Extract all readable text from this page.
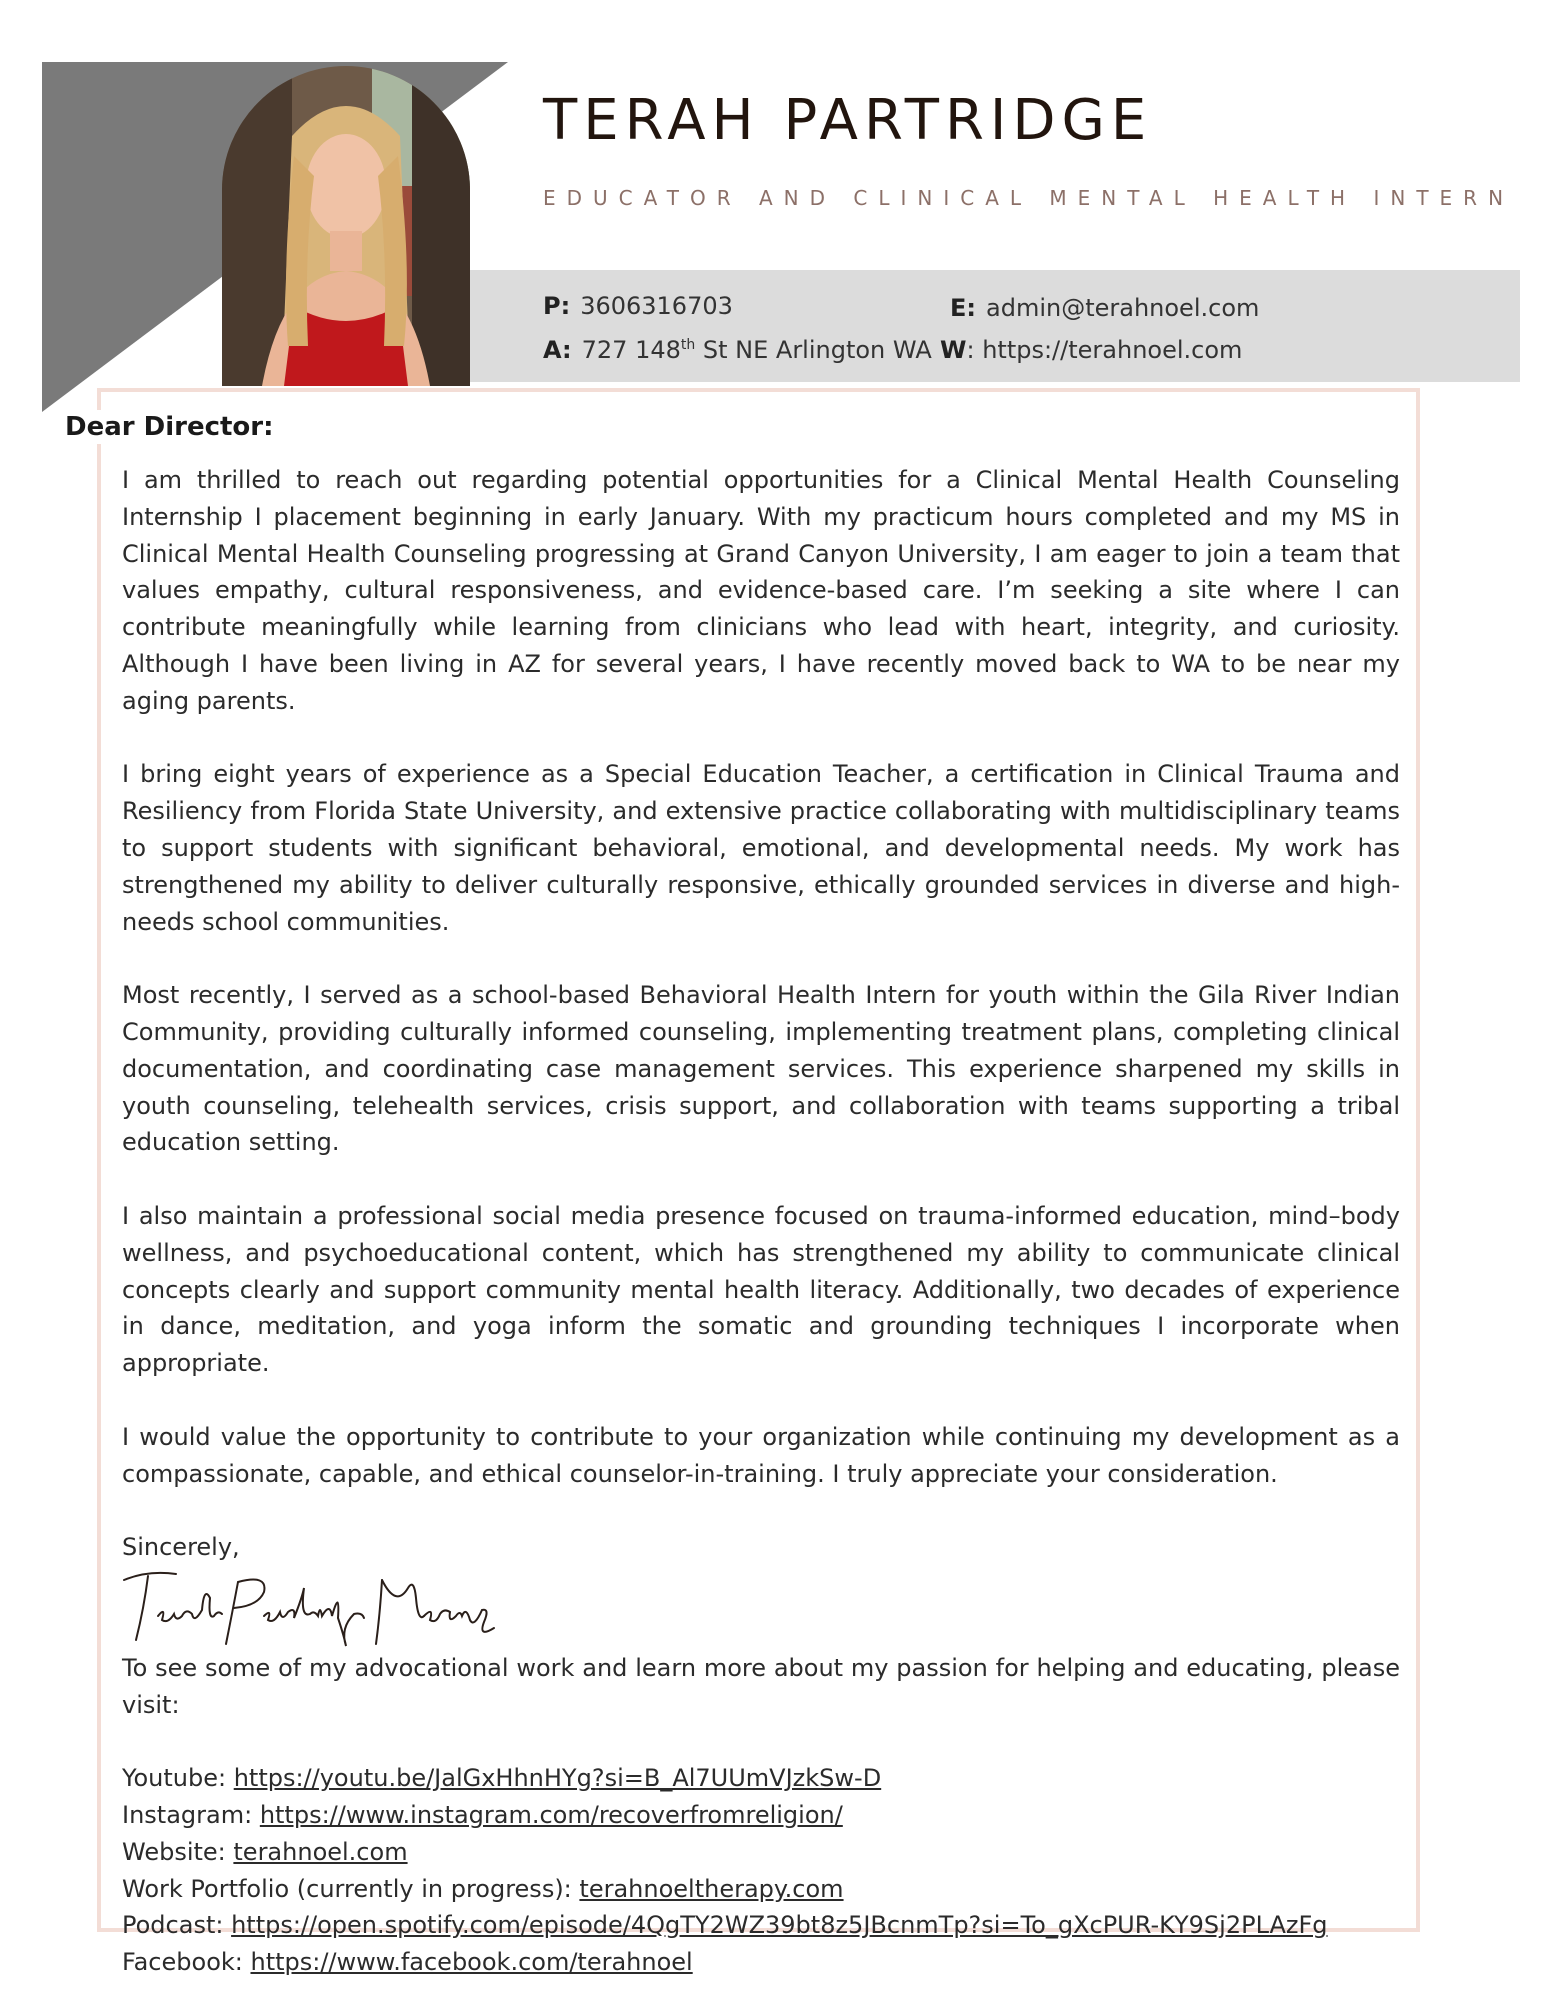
TERAH PARTRIDGE
EDUCATOR AND CLINICAL MENTAL HEALTH INTERN
P: 3606316703	E: admin@terahnoel.com
A: 727 148th St NE Arlington WA W: https://terahnoel.com
Dear Director:

I am thrilled to reach out regarding potential opportunities for a Clinical Mental Health Counseling Internship I placement beginning in early January. With my practicum hours completed and my MS in Clinical Mental Health Counseling progressing at Grand Canyon University, I am eager to join a team that values empathy, cultural responsiveness, and evidence-based care. I’m seeking a site where I can contribute meaningfully while learning from clinicians who lead with heart, integrity, and curiosity. Although I have been living in AZ for several years, I have recently moved back to WA to be near my aging parents.

I bring eight years of experience as a Special Education Teacher, a certification in Clinical Trauma and Resiliency from Florida State University, and extensive practice collaborating with multidisciplinary teams to support students with significant behavioral, emotional, and developmental needs. My work has strengthened my ability to deliver culturally responsive, ethically grounded services in diverse and high-needs school communities.

Most recently, I served as a school-based Behavioral Health Intern for youth within the Gila River Indian Community, providing culturally informed counseling, implementing treatment plans, completing clinical documentation, and coordinating case management services. This experience sharpened my skills in youth counseling, telehealth services, crisis support, and collaboration with teams supporting a tribal education setting.

I also maintain a professional social media presence focused on trauma-informed education, mind–body wellness, and psychoeducational content, which has strengthened my ability to communicate clinical concepts clearly and support community mental health literacy. Additionally, two decades of experience in dance, meditation, and yoga inform the somatic and grounding techniques I incorporate when appropriate.

I would value the opportunity to contribute to your organization while continuing my development as a compassionate, capable, and ethical counselor-in-training. I truly appreciate your consideration.

Sincerely,

To see some of my advocational work and learn more about my passion for helping and educating, please visit:

Youtube: https://youtu.be/JalGxHhnHYg?si=B_Al7UUmVJzkSw-D
Instagram: https://www.instagram.com/recoverfromreligion/
Website: terahnoel.com
Work Portfolio (currently in progress): terahnoeltherapy.com
Podcast: https://open.spotify.com/episode/4QgTY2WZ39bt8z5JBcnmTp?si=To_gXcPUR-KY9Sj2PLAzFg
Facebook: https://www.facebook.com/terahnoel
